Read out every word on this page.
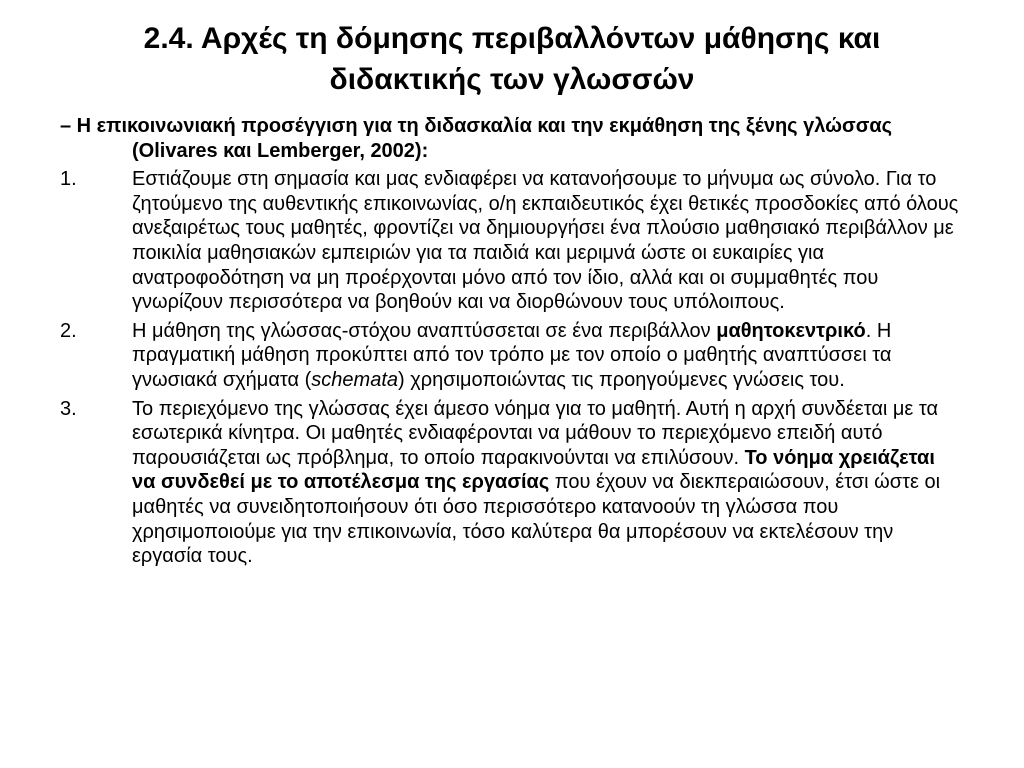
2.4. Αρχές τη δόμησης περιβαλλόντων μάθησης και
διδακτικής των γλωσσών

– Η επικοινωνιακή προσέγγιση για τη διδασκαλία και την εκμάθηση της ξένης γλώσσας (Olivares και Lemberger, 2002):

1.	Εστιάζουμε στη σημασία και μας ενδιαφέρει να κατανοήσουμε το μήνυμα ως σύνολο. Για το ζητούμενο της αυθεντικής επικοινωνίας, ο/η εκπαιδευτικός έχει θετικές προσδοκίες από όλους ανεξαιρέτως τους μαθητές, φροντίζει να δημιουργήσει ένα πλούσιο μαθησιακό περιβάλλον με ποικιλία μαθησιακών εμπειριών για τα παιδιά και μεριμνά ώστε οι ευκαιρίες για ανατροφοδότηση να μη προέρχονται μόνο από τον ίδιο, αλλά και οι συμμαθητές που γνωρίζουν περισσότερα να βοηθούν και να διορθώνουν τους υπόλοιπους.

2.	Η μάθηση της γλώσσας-στόχου αναπτύσσεται σε ένα περιβάλλον μαθητοκεντρικό. Η πραγματική μάθηση προκύπτει από τον τρόπο με τον οποίο ο μαθητής αναπτύσσει τα γνωσιακά σχήματα (schemata) χρησιμοποιώντας τις προηγούμενες γνώσεις του.

3.	Το περιεχόμενο της γλώσσας έχει άμεσο νόημα για το μαθητή. Αυτή η αρχή συνδέεται με τα εσωτερικά κίνητρα. Οι μαθητές ενδιαφέρονται να μάθουν το περιεχόμενο επειδή αυτό παρουσιάζεται ως πρόβλημα, το οποίο παρακινούνται να επιλύσουν. Το νόημα χρειάζεται να συνδεθεί με το αποτέλεσμα της εργασίας που έχουν να διεκπεραιώσουν, έτσι ώστε οι μαθητές να συνειδητοποιήσουν ότι όσο περισσότερο κατανοούν τη γλώσσα που χρησιμοποιούμε για την επικοινωνία, τόσο καλύτερα θα μπορέσουν να εκτελέσουν την εργασία τους.
